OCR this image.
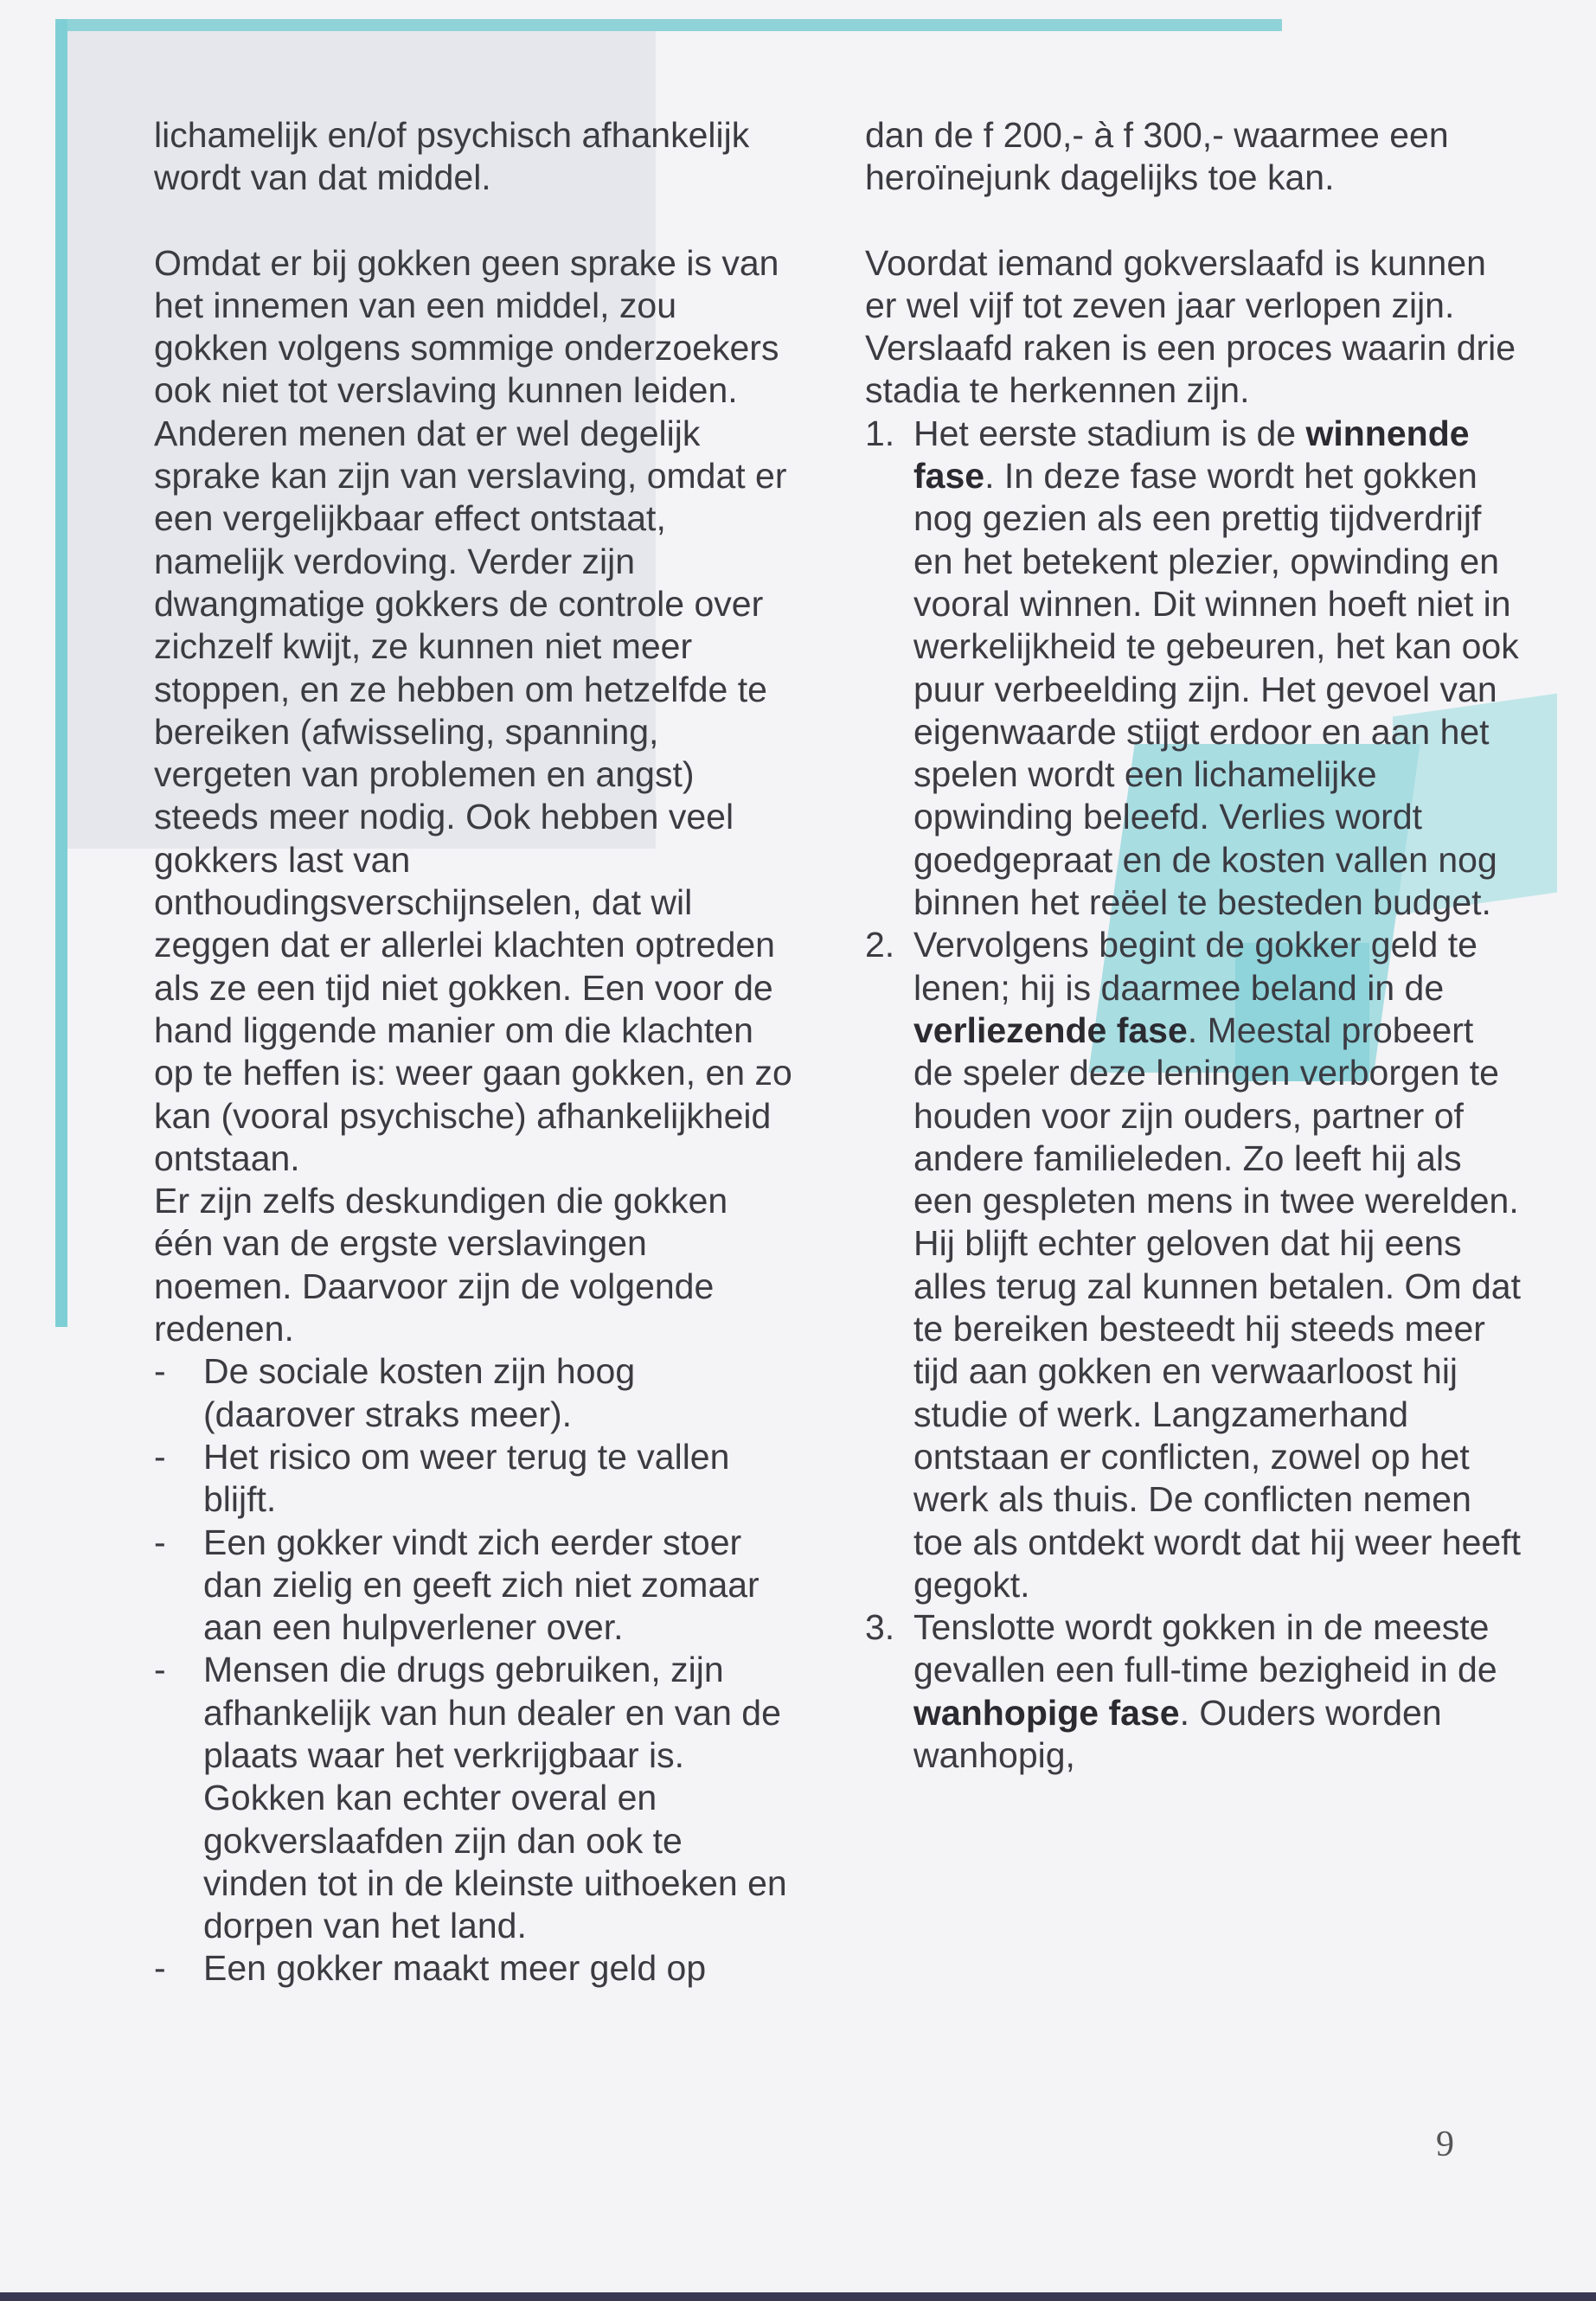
lichamelijk en/of psychisch afhankelijk wordt van dat middel.

Omdat er bij gokken geen sprake is van het innemen van een middel, zou gokken volgens sommige onderzoekers ook niet tot verslaving kunnen leiden. Anderen menen dat er wel degelijk sprake kan zijn van verslaving, omdat er een vergelijkbaar effect ontstaat, namelijk verdoving. Verder zijn dwangmatige gokkers de controle over zichzelf kwijt, ze kunnen niet meer stoppen, en ze hebben om hetzelfde te bereiken (afwisseling, spanning, vergeten van problemen en angst) steeds meer nodig. Ook hebben veel gokkers last van onthoudingsverschijnselen, dat wil zeggen dat er allerlei klachten optreden als ze een tijd niet gokken. Een voor de hand liggende manier om die klachten op te heffen is: weer gaan gokken, en zo kan (vooral psychische) afhankelijkheid ontstaan.

Er zijn zelfs deskundigen die gokken één van de ergste verslavingen noemen. Daarvoor zijn de volgende redenen.

-	De sociale kosten zijn hoog (daarover straks meer).
-	Het risico om weer terug te vallen blijft.
-	Een gokker vindt zich eerder stoer dan zielig en geeft zich niet zomaar aan een hulpverlener over.
-	Mensen die drugs gebruiken, zijn afhankelijk van hun dealer en van de plaats waar het verkrijgbaar is. Gokken kan echter overal en gokverslaafden zijn dan ook te vinden tot in de kleinste uithoeken en dorpen van het land.
-	Een gokker maakt meer geld op

dan de f 200,- à f 300,- waarmee een heroïnejunk dagelijks toe kan.

Voordat iemand gokverslaafd is kunnen er wel vijf tot zeven jaar verlopen zijn. Verslaafd raken is een proces waarin drie stadia te herkennen zijn.

1. Het eerste stadium is de winnende fase. In deze fase wordt het gokken nog gezien als een prettig tijdverdrijf en het betekent plezier, opwinding en vooral winnen. Dit winnen hoeft niet in werkelijkheid te gebeuren, het kan ook puur verbeelding zijn. Het gevoel van eigenwaarde stijgt erdoor en aan het spelen wordt een lichamelijke opwinding beleefd. Verlies wordt goedgepraat en de kosten vallen nog binnen het reëel te besteden budget.
2. Vervolgens begint de gokker geld te lenen; hij is daarmee beland in de verliezende fase. Meestal probeert de speler deze leningen verborgen te houden voor zijn ouders, partner of andere familieleden. Zo leeft hij als een gespleten mens in twee werelden. Hij blijft echter geloven dat hij eens alles terug zal kunnen betalen. Om dat te bereiken besteedt hij steeds meer tijd aan gokken en verwaarloost hij studie of werk. Langzamerhand ontstaan er conflicten, zowel op het werk als thuis. De conflicten nemen toe als ontdekt wordt dat hij weer heeft gegokt.
3. Tenslotte wordt gokken in de meeste gevallen een full-time bezigheid in de wanhopige fase. Ouders worden wanhopig,
9
